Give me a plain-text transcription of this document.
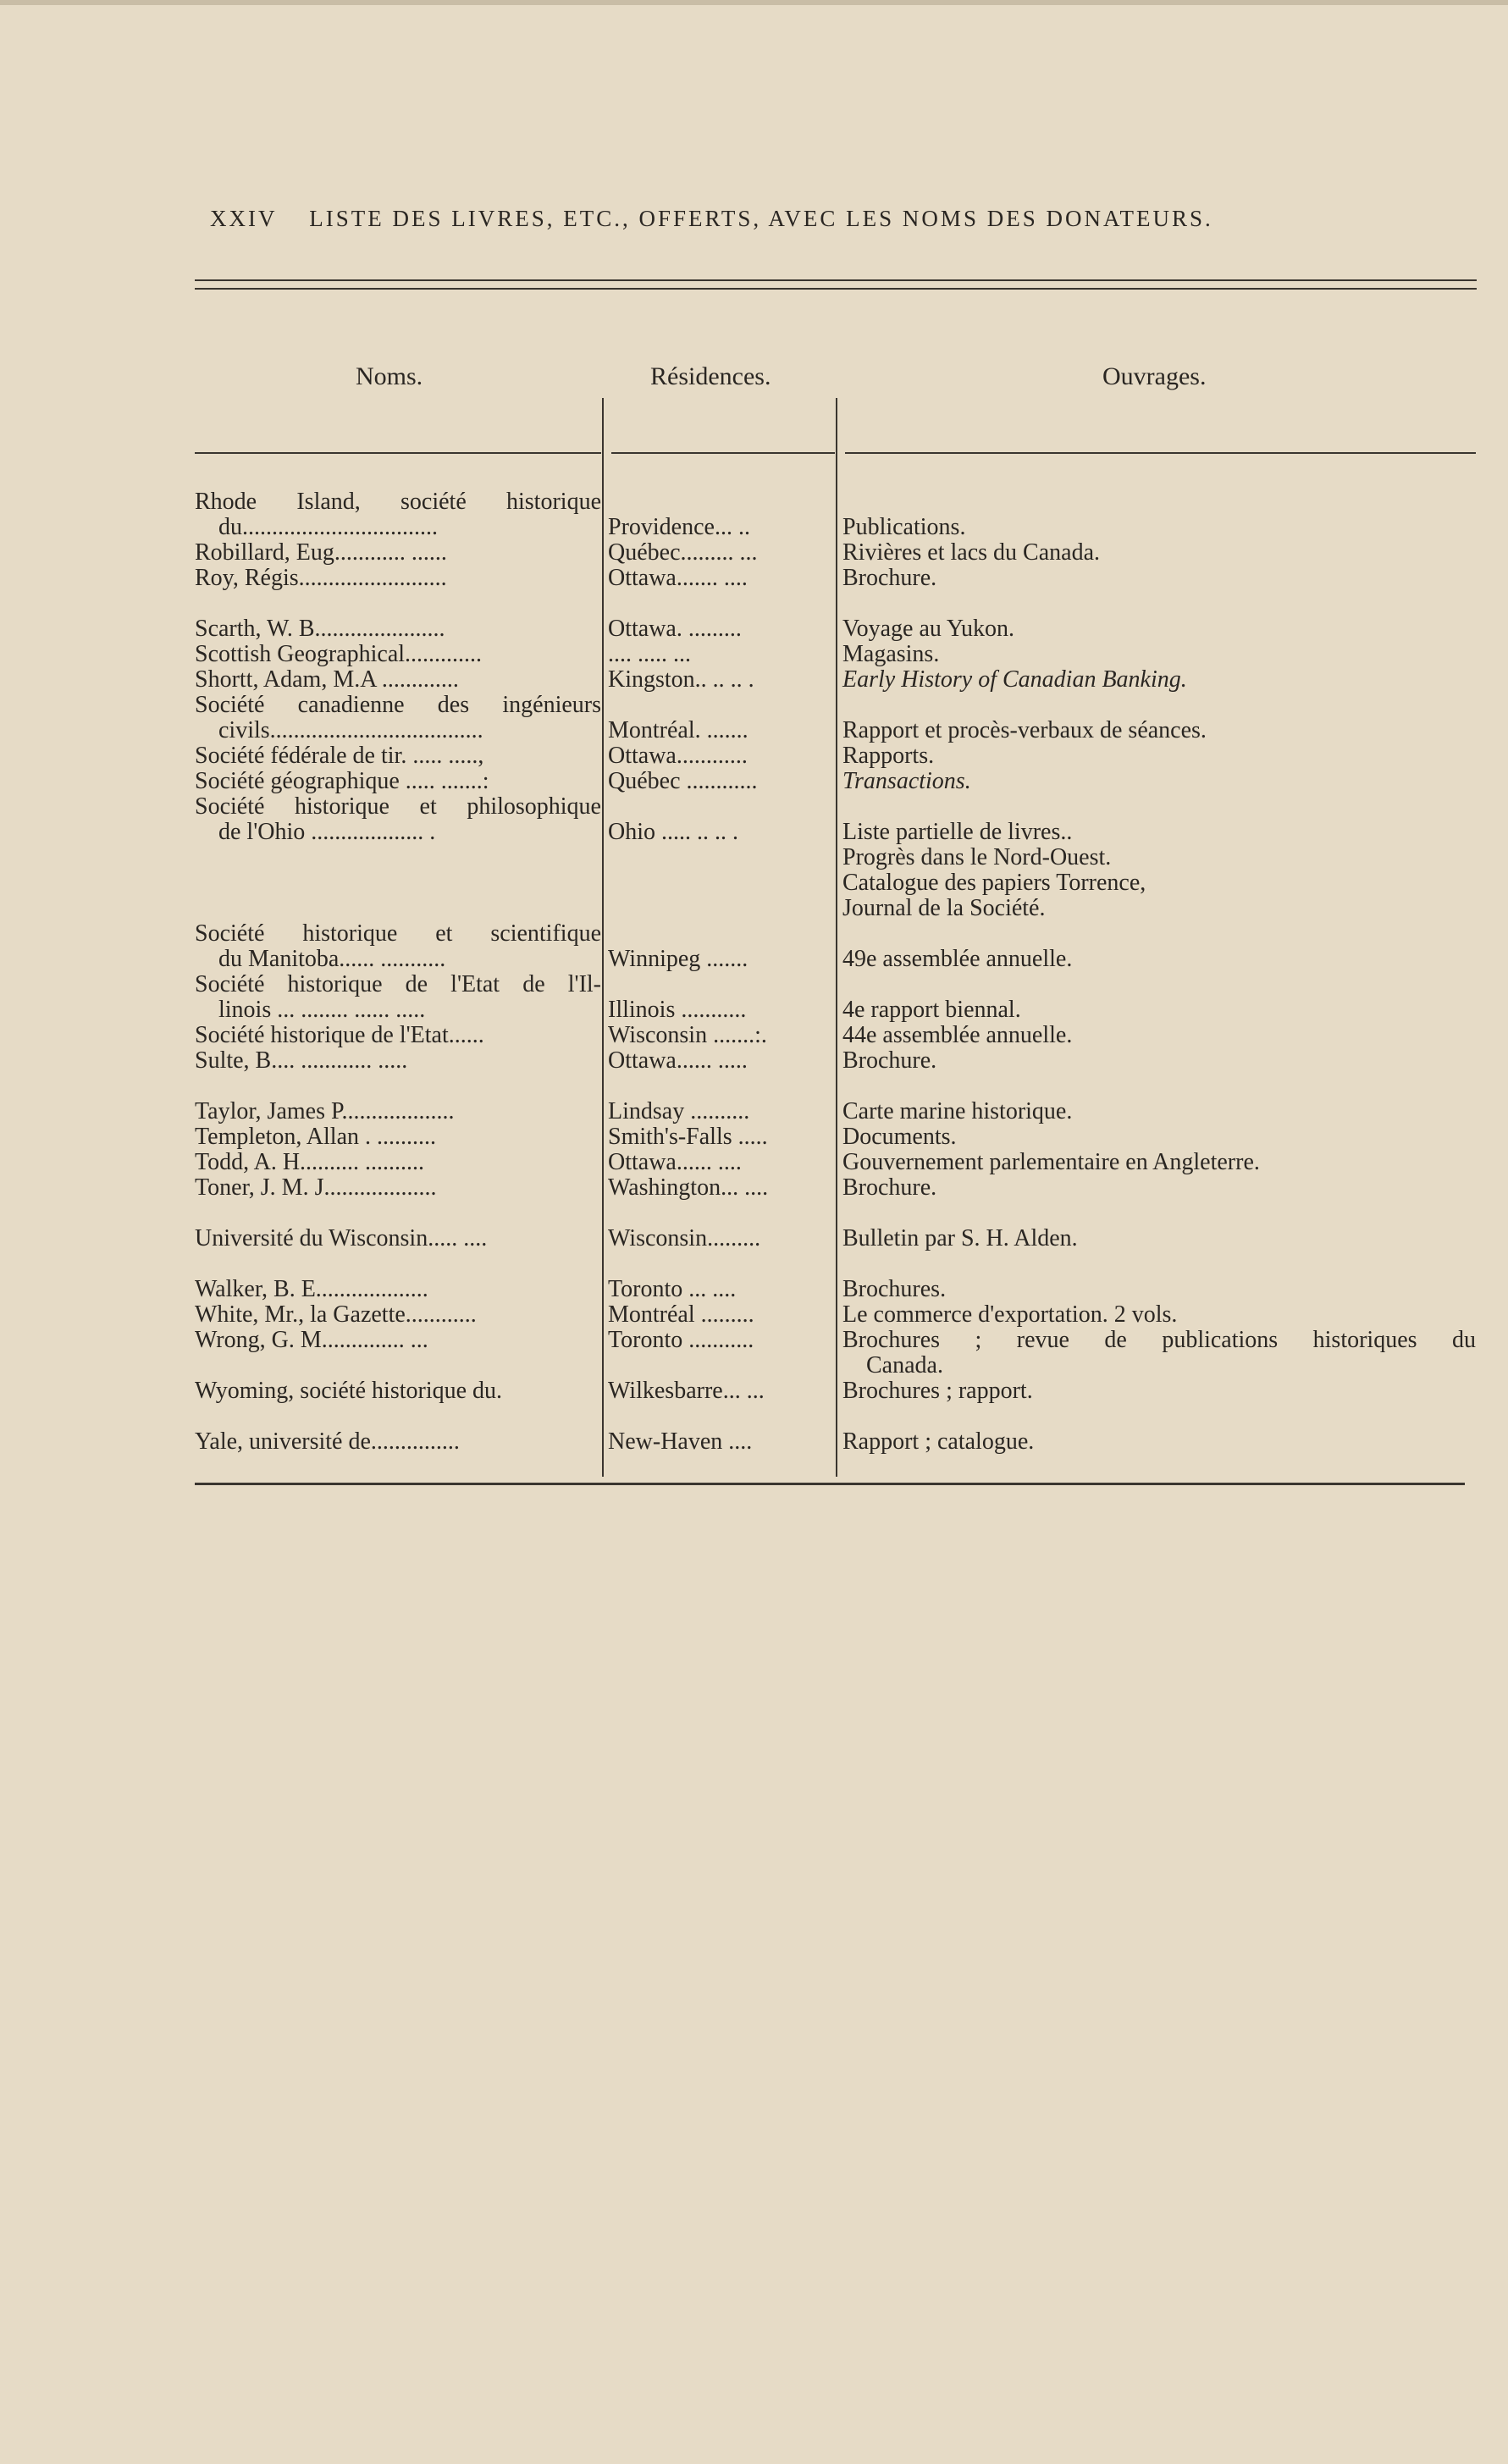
XXIV LISTE DES LIVRES, ETC., OFFERTS, AVEC LES NOMS DES DONATEURS.
Noms.	Résidences.	Ouvrages.
Rhode Island, société historique
du.................................	Providence... ..	Publications.
Robillard, Eug............ ......	Québec......... ...	Rivières et lacs du Canada.
Roy, Régis.........................	Ottawa....... ....	Brochure.
Scarth, W. B......................	Ottawa. .........	Voyage au Yukon.
Scottish Geographical.............	.... ..... ...	Magasins.
Shortt, Adam, M.A .............	Kingston.. .. .. .	Early History of Canadian Banking.
Société canadienne des ingénieurs
civils....................................	Montréal. .......	Rapport et procès-verbaux de séances.
Société fédérale de tir. ..... .....,	Ottawa............	Rapports.
Société géographique ..... .......:	Québec ............	Transactions.
Société historique et philosophique
de l'Ohio ................... .	Ohio ..... .. .. .	Liste partielle de livres..
Progrès dans le Nord-Ouest.
Catalogue des papiers Torrence,
Journal de la Société.
Société historique et scientifique
du Manitoba...... ...........	Winnipeg .......	49e assemblée annuelle.
Société historique de l'Etat de l'Il-
linois ... ........ ...... .....	Illinois ...........	4e rapport biennal.
Société historique de l'Etat......	Wisconsin .......:.	44e assemblée annuelle.
Sulte, B.... ............ .....	Ottawa...... .....	Brochure.
Taylor, James P...................	Lindsay ..........	Carte marine historique.
Templeton, Allan . ..........	Smith's-Falls .....	Documents.
Todd, A. H.......... ..........	Ottawa...... ....	Gouvernement parlementaire en Angleterre.
Toner, J. M. J...................	Washington... ....	Brochure.
Université du Wisconsin..... ....	Wisconsin.........	Bulletin par S. H. Alden.
Walker, B. E...................	Toronto ... ....	Brochures.
White, Mr., la Gazette............	Montréal .........	Le commerce d'exportation. 2 vols.
Wrong, G. M.............. ...	Toronto ...........	Brochures ; revue de publications historiques du
Canada.
Wyoming, société historique du.	Wilkesbarre... ...	Brochures ; rapport.
Yale, université de...............	New-Haven ....	Rapport ; catalogue.
